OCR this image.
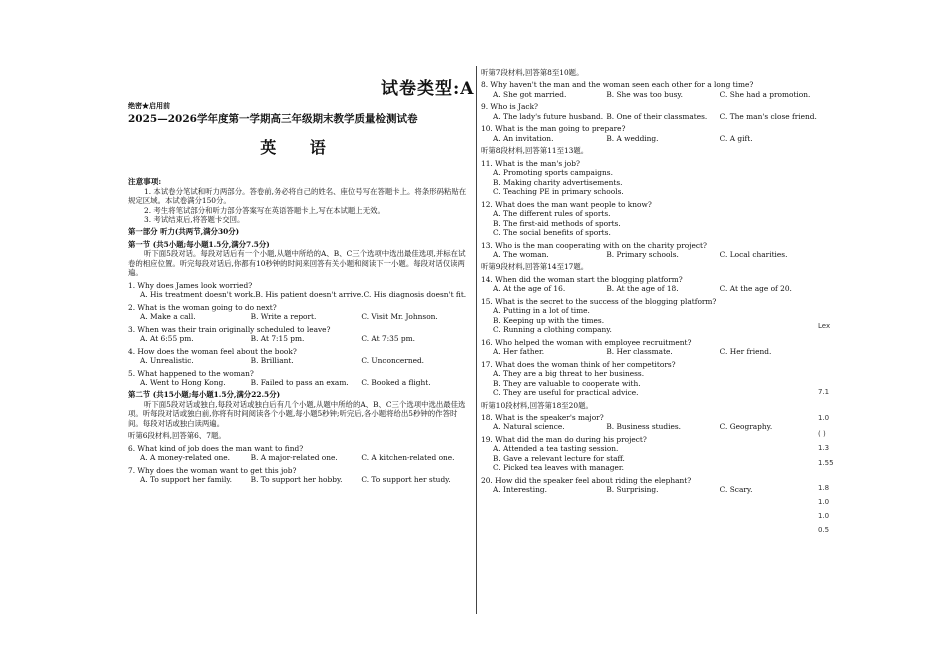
试卷类型:A
绝密★启用前
2025—2026学年度第一学期高三年级期末教学质量检测试卷
英 语
注意事项:
1. 本试卷分笔试和听力两部分。答卷前,务必将自己的姓名、座位号写在答题卡上。将条形码粘贴在规定区域。本试卷满分150分。
2. 考生将笔试部分和听力部分答案写在英语答题卡上,写在本试题上无效。
3. 考试结束后,将答题卡交回。
第一部分 听力(共两节,满分30分)
第一节 (共5小题;每小题1.5分,满分7.5分)
听下面5段对话。每段对话后有一个小题,从题中所给的A、B、C三个选项中选出最佳选项,并标在试卷的相应位置。听完每段对话后,你都有10秒钟的时间来回答有关小题和阅读下一小题。每段对话仅读两遍。
1. Why does James look worried?
A. His treatment doesn't work. B. His patient doesn't arrive. C. His diagnosis doesn't fit.
2. What is the woman going to do next?
A. Make a call.	B. Write a report.	C. Visit Mr. Johnson.
3. When was their train originally scheduled to leave?
A. At 6:55 pm.	B. At 7:15 pm.	C. At 7:35 pm.
4. How does the woman feel about the book?
A. Unrealistic.	B. Brilliant.	C. Unconcerned.
5. What happened to the woman?
A. Went to Hong Kong.	B. Failed to pass an exam.	C. Booked a flight.
第二节 (共15小题;每小题1.5分,满分22.5分)
听下面5段对话或独白,每段对话或独白后有几个小题,从题中所给的A、B、C三个选项中选出最佳选项。听每段对话或独白前,你将有时间阅读各个小题,每小题5秒钟;听完后,各小题将给出5秒钟的作答时间。每段对话或独白读两遍。
听第6段材料,回答第6、7题。
6. What kind of job does the man want to find?
A. A money-related one.	B. A major-related one.	C. A kitchen-related one.
7. Why does the woman want to get this job?
A. To support her family.	B. To support her hobby.	C. To support her study.
听第7段材料,回答第8至10题。
8. Why haven't the man and the woman seen each other for a long time?
A. She got married.	B. She was too busy.	C. She had a promotion.
9. Who is Jack?
A. The lady's future husband. B. One of their classmates.	C. The man's close friend.
10. What is the man going to prepare?
A. An invitation.	B. A wedding.	C. A gift.
听第8段材料,回答第11至13题。
11. What is the man's job?
A. Promoting sports campaigns.
B. Making charity advertisements.
C. Teaching PE in primary schools.
12. What does the man want people to know?
A. The different rules of sports.
B. The first-aid methods of sports.
C. The social benefits of sports.
13. Who is the man cooperating with on the charity project?
A. The woman.	B. Primary schools.	C. Local charities.
听第9段材料,回答第14至17题。
14. When did the woman start the blogging platform?
A. At the age of 16.	B. At the age of 18.	C. At the age of 20.
15. What is the secret to the success of the blogging platform?
A. Putting in a lot of time.
B. Keeping up with the times.
C. Running a clothing company.
16. Who helped the woman with employee recruitment?
A. Her father.	B. Her classmate.	C. Her friend.
17. What does the woman think of her competitors?
A. They are a big threat to her business.
B. They are valuable to cooperate with.
C. They are useful for practical advice.
听第10段材料,回答第18至20题。
18. What is the speaker's major?
A. Natural science.	B. Business studies.	C. Geography.
19. What did the man do during his project?
A. Attended a tea tasting session.
B. Gave a relevant lecture for staff.
C. Picked tea leaves with manager.
20. How did the speaker feel about riding the elephant?
A. Interesting.	B. Surprising.	C. Scary.
Lex
7.1
1.0
( )
1.3
1.55
1.8
1.0
1.0
0.5
